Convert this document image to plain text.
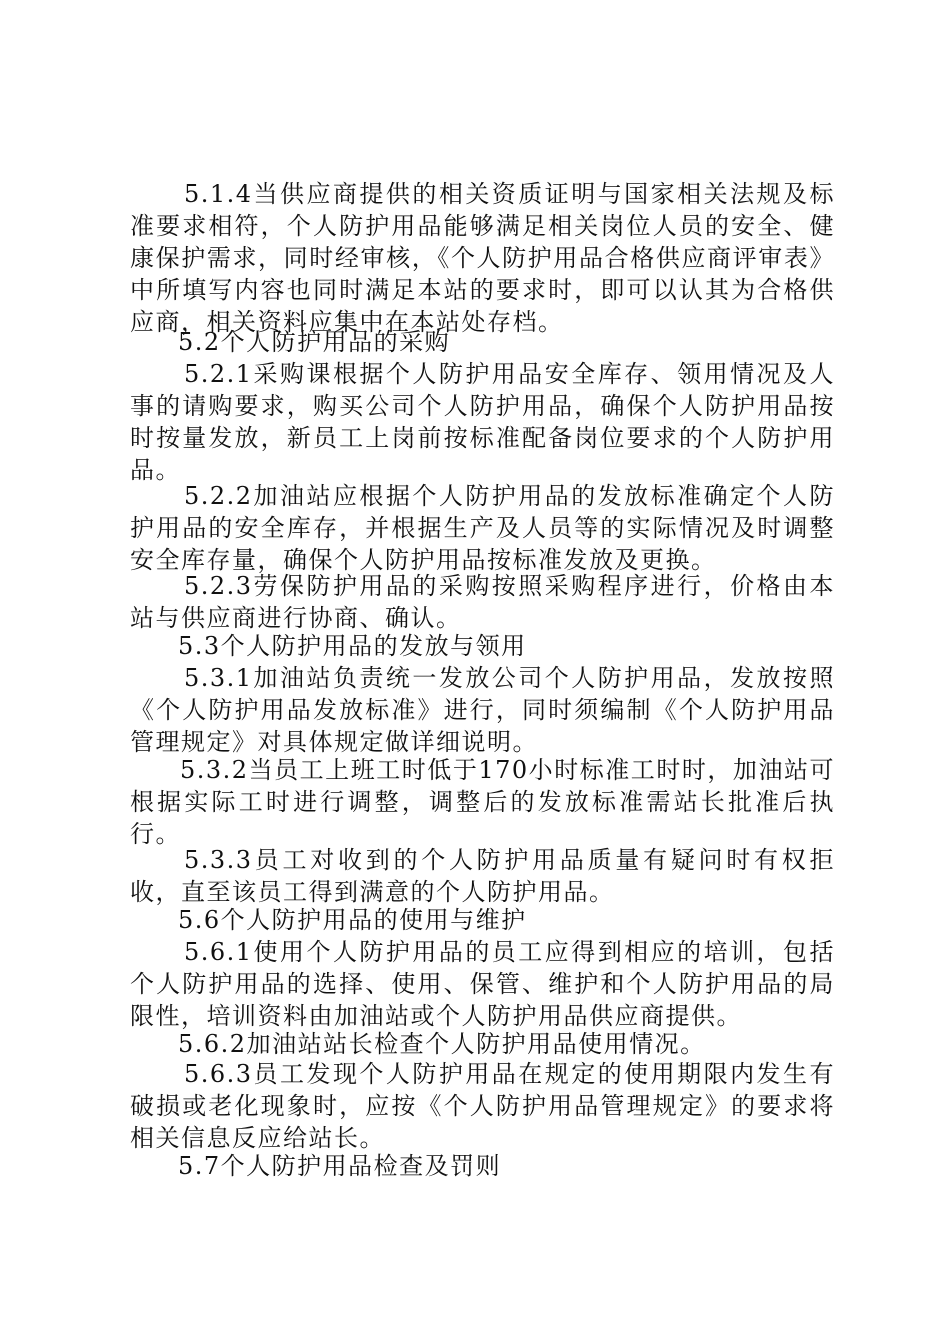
5.1.4当供应商提供的相关资质证明与国家相关法规及标准要求相符，个人防护用品能够满足相关岗位人员的安全、健康保护需求，同时经审核，《个人防护用品合格供应商评审表》中所填写内容也同时满足本站的要求时，即可以认其为合格供应商，相关资料应集中在本站处存档。

5.2个人防护用品的采购

5.2.1采购课根据个人防护用品安全库存、领用情况及人事的请购要求，购买公司个人防护用品，确保个人防护用品按时按量发放，新员工上岗前按标准配备岗位要求的个人防护用品。

5.2.2加油站应根据个人防护用品的发放标准确定个人防护用品的安全库存，并根据生产及人员等的实际情况及时调整安全库存量，确保个人防护用品按标准发放及更换。

5.2.3劳保防护用品的采购按照采购程序进行，价格由本站与供应商进行协商、确认。

5.3个人防护用品的发放与领用

5.3.1加油站负责统一发放公司个人防护用品，发放按照《个人防护用品发放标准》进行，同时须编制《个人防护用品管理规定》对具体规定做详细说明。

5.3.2当员工上班工时低于170小时标准工时时，加油站可根据实际工时进行调整，调整后的发放标准需站长批准后执行。

5.3.3员工对收到的个人防护用品质量有疑问时有权拒收，直至该员工得到满意的个人防护用品。

5.6个人防护用品的使用与维护

5.6.1使用个人防护用品的员工应得到相应的培训，包括个人防护用品的选择、使用、保管、维护和个人防护用品的局限性，培训资料由加油站或个人防护用品供应商提供。

5.6.2加油站站长检查个人防护用品使用情况。

5.6.3员工发现个人防护用品在规定的使用期限内发生有破损或老化现象时，应按《个人防护用品管理规定》的要求将相关信息反应给站长。

5.7个人防护用品检查及罚则
